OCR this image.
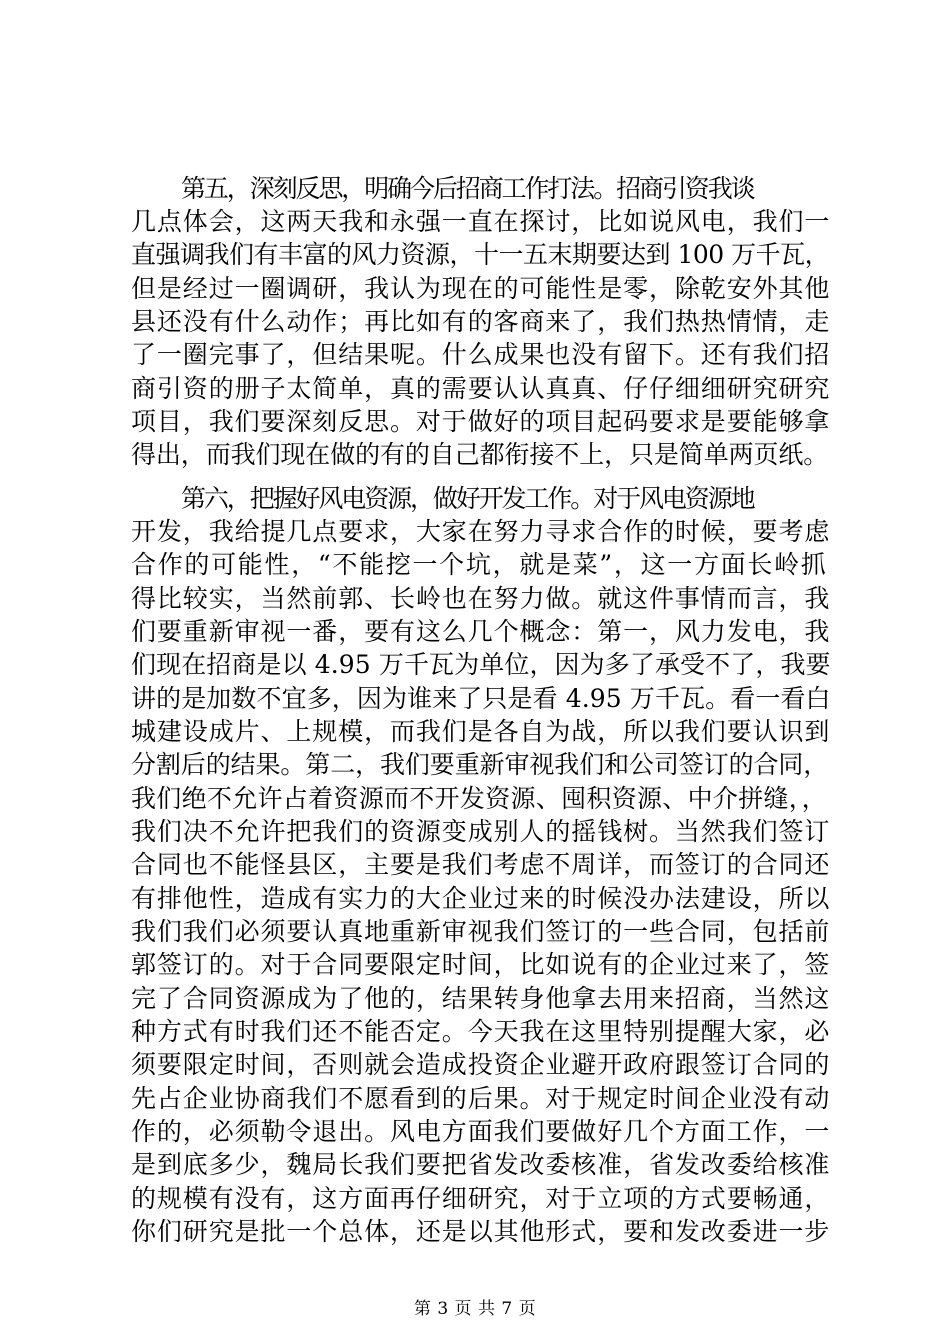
第五，深刻反思，明确今后招商工作打法。招商引资我谈
几点体会，这两天我和永强一直在探讨，比如说风电，我们一
直强调我们有丰富的风力资源，十一五末期要达到 100 万千瓦，
但是经过一圈调研，我认为现在的可能性是零，除乾安外其他
县还没有什么动作；再比如有的客商来了，我们热热情情，走
了一圈完事了，但结果呢。什么成果也没有留下。还有我们招
商引资的册子太简单，真的需要认认真真、仔仔细细研究研究
项目，我们要深刻反思。对于做好的项目起码要求是要能够拿
得出，而我们现在做的有的自己都衔接不上，只是简单两页纸。
第六，把握好风电资源，做好开发工作。对于风电资源地
开发，我给提几点要求，大家在努力寻求合作的时候，要考虑
合作的可能性，“不能挖一个坑，就是菜”，这一方面长岭抓
得比较实，当然前郭、长岭也在努力做。就这件事情而言，我
们要重新审视一番，要有这么几个概念：第一，风力发电，我
们现在招商是以 4.95 万千瓦为单位，因为多了承受不了，我要
讲的是加数不宜多，因为谁来了只是看 4.95 万千瓦。看一看白
城建设成片、上规模，而我们是各自为战，所以我们要认识到
分割后的结果。第二，我们要重新审视我们和公司签订的合同，
我们绝不允许占着资源而不开发资源、囤积资源、中介拼缝，，
我们决不允许把我们的资源变成别人的摇钱树。当然我们签订
合同也不能怪县区，主要是我们考虑不周详，而签订的合同还
有排他性，造成有实力的大企业过来的时候没办法建设，所以
我们我们必须要认真地重新审视我们签订的一些合同，包括前
郭签订的。对于合同要限定时间，比如说有的企业过来了，签
完了合同资源成为了他的，结果转身他拿去用来招商，当然这
种方式有时我们还不能否定。今天我在这里特别提醒大家，必
须要限定时间，否则就会造成投资企业避开政府跟签订合同的
先占企业协商我们不愿看到的后果。对于规定时间企业没有动
作的，必须勒令退出。风电方面我们要做好几个方面工作，一
是到底多少，魏局长我们要把省发改委核准，省发改委给核准
的规模有没有，这方面再仔细研究，对于立项的方式要畅通，
你们研究是批一个总体，还是以其他形式，要和发改委进一步
第 3 页 共 7 页
